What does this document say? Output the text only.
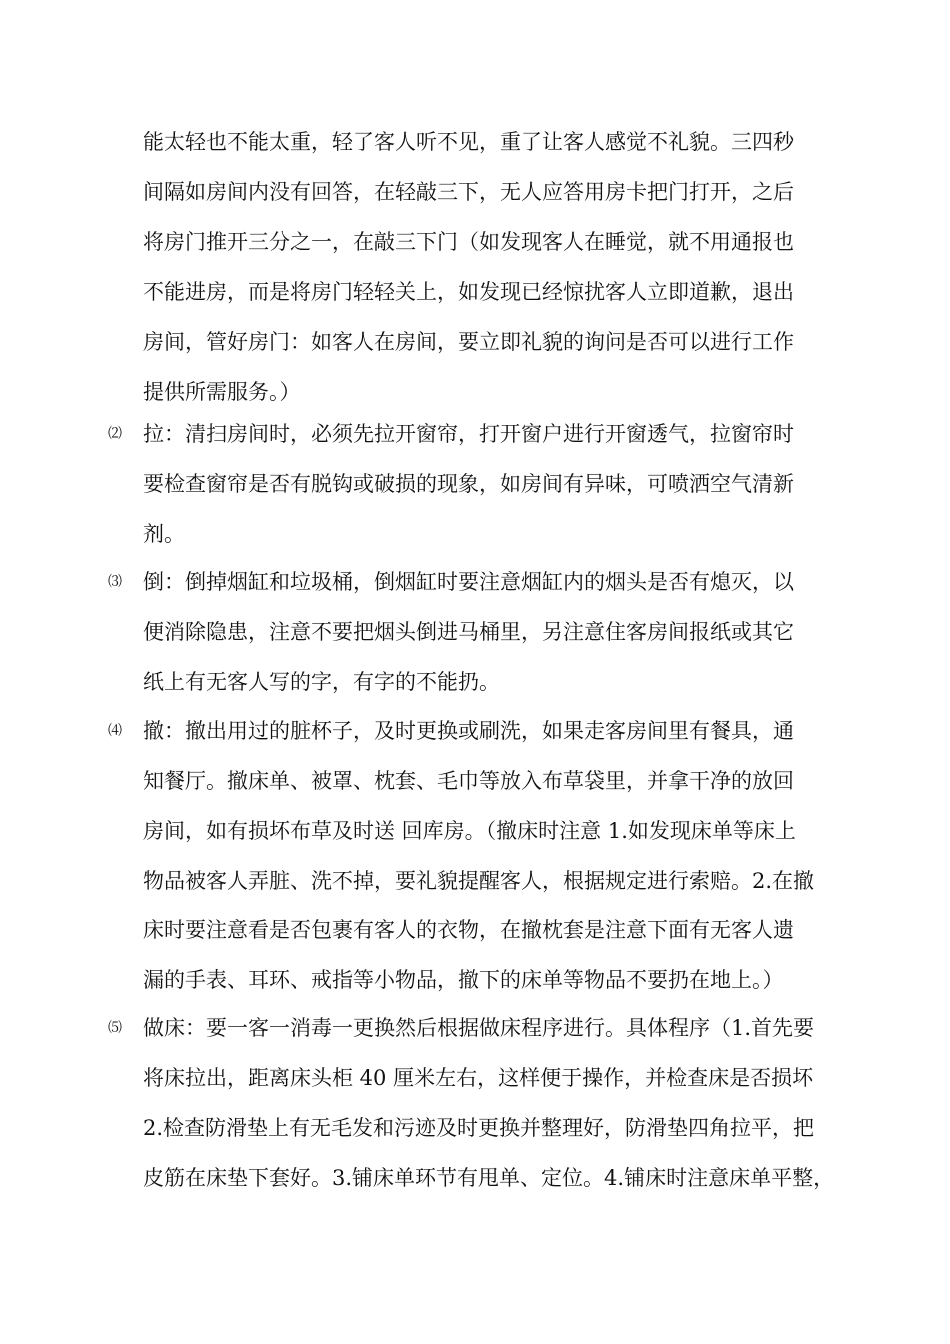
能太轻也不能太重，轻了客人听不见，重了让客人感觉不礼貌。三四秒
间隔如房间内没有回答，在轻敲三下，无人应答用房卡把门打开，之后
将房门推开三分之一，在敲三下门（如发现客人在睡觉，就不用通报也
不能进房，而是将房门轻轻关上，如发现已经惊扰客人立即道歉，退出
房间，管好房门：如客人在房间，要立即礼貌的询问是否可以进行工作
提供所需服务。）
⑵ 拉：清扫房间时，必须先拉开窗帘，打开窗户进行开窗透气，拉窗帘时
要检查窗帘是否有脱钩或破损的现象，如房间有异味，可喷洒空气清新
剂。
⑶ 倒：倒掉烟缸和垃圾桶，倒烟缸时要注意烟缸内的烟头是否有熄灭，以
便消除隐患，注意不要把烟头倒进马桶里，另注意住客房间报纸或其它
纸上有无客人写的字，有字的不能扔。
⑷ 撤：撤出用过的脏杯子，及时更换或刷洗，如果走客房间里有餐具，通
知餐厅。撤床单、被罩、枕套、毛巾等放入布草袋里，并拿干净的放回
房间，如有损坏布草及时送 回库房。（撤床时注意 1.如发现床单等床上
物品被客人弄脏、洗不掉，要礼貌提醒客人，根据规定进行索赔。2.在撤
床时要注意看是否包裹有客人的衣物，在撤枕套是注意下面有无客人遗
漏的手表、耳环、戒指等小物品，撤下的床单等物品不要扔在地上。）
⑸ 做床：要一客一消毒一更换然后根据做床程序进行。具体程序（1.首先要
将床拉出，距离床头柜 40 厘米左右，这样便于操作，并检查床是否损坏
2.检查防滑垫上有无毛发和污迹及时更换并整理好，防滑垫四角拉平，把
皮筋在床垫下套好。3.铺床单环节有甩单、定位。4.铺床时注意床单平整，
